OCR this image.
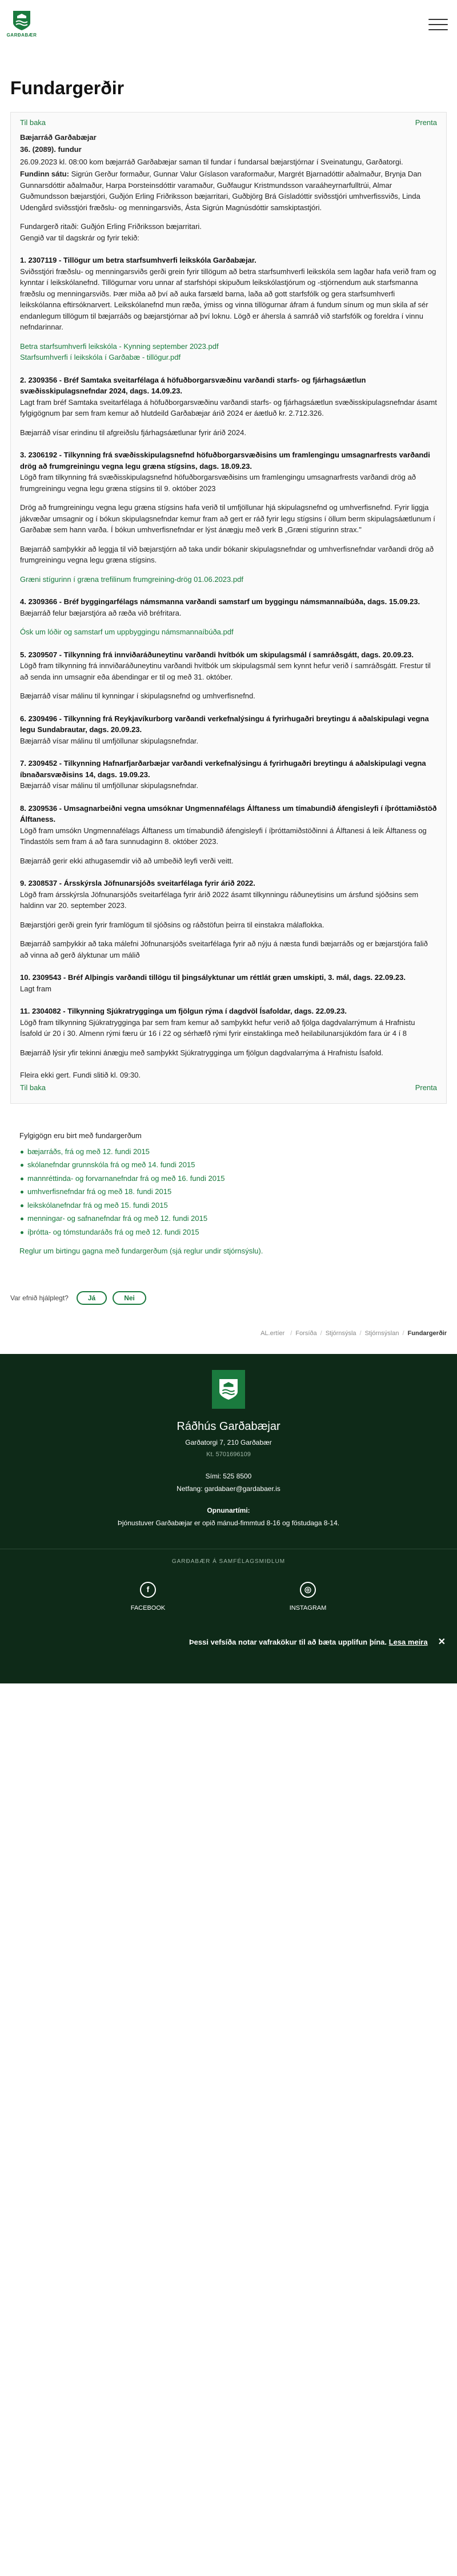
GARÐABÆR
Fundargerðir
Til baka	Prenta
Bæjarráð Garðabæjar
36. (2089). fundur
26.09.2023 kl. 08:00 kom bæjarráð Garðabæjar saman til fundar í fundarsal bæjarstjórnar í Sveinatungu, Garðatorgi.
Fundinn sátu: Sigrún Gerður formaður, Gunnar Valur Gíslason varaformaður, Margrét Bjarnadóttir aðalmaður, Brynja Dan Gunnarsdóttir aðalmaður, Harpa Þorsteinsdóttir varamaður, Guðfaugur Kristmundsson varaáheyrnarfulltrúi, Almar Guðmundsson bæjarstjóri, Guðjón Erling Friðriksson bæjarritari, Guðbjörg Brá Gísladóttir sviðsstjóri umhverfissviðs, Linda Udengård sviðsstjóri fræðslu- og menningarsviðs, Ásta Sigrún Magnúsdóttir samskiptastjóri.
Fundargerð ritaði: Guðjón Erling Friðriksson bæjarritari.
Gengið var til dagskrár og fyrir tekið:
1. 2307119 - Tillögur um betra starfsumhverfi leikskóla Garðabæjar.

Sviðsstjóri fræðslu- og menningarsviðs gerði grein fyrir tillögum að betra starfsumhverfi leikskóla sem lagðar hafa verið fram og kynntar í leikskólanefnd. Tillögurnar voru unnar af starfshópi skipuðum leikskólastjórum og -stjórnendum auk starfsmanna fræðslu og menningarsviðs. Þær miða að því að auka farsæld barna, laða að gott starfsfólk og gera starfsumhverfi leikskólanna eftirsóknarvert. Leikskólanefnd mun ræða, ýmiss og vinna tillögurnar áfram á fundum sínum og mun skila af sér endanlegum tillögum til bæjarráðs og bæjarstjórnar að því loknu. Lögð er áhersla á samráð við starfsfólk og foreldra í vinnu nefndarinnar.

Betra starfsumhverfi leikskóla - Kynning september 2023.pdf
Starfsumhverfi í leikskóla í Garðabæ - tillögur.pdf
2. 2309356 - Bréf Samtaka sveitarfélaga á höfuðborgarsvæðinu varðandi starfs- og fjárhagsáætlun svæðisskipulagsnefndar 2024, dags. 14.09.23.

Lagt fram bréf Samtaka sveitarfélaga á höfuðborgarsvæðinu varðandi starfs- og fjárhagsáætlun svæðisskipulagsnefndar ásamt fylgigögnum þar sem fram kemur að hlutdeild Garðabæjar árið 2024 er áætluð kr. 2.712.326.

Bæjarráð vísar erindinu til afgreiðslu fjárhagsáætlunar fyrir árið 2024.

3. 2306192 - Tilkynning frá svæðisskipulagsnefnd höfuðborgarsvæðisins um framlengingu umsagnarfrests varðandi drög að frumgreiningu vegna legu græna stígsins, dags. 18.09.23.

Lögð fram tilkynning frá svæðisskipulagsnefnd höfuðborgarsvæðisins um framlengingu umsagnarfrests varðandi drög að frumgreiningu vegna legu græna stígsins til 9. október 2023

Drög að frumgreiningu vegna legu græna stígsins hafa verið til umfjöllunar hjá skipulagsnefnd og umhverfisnefnd. Fyrir liggja jákvæðar umsagnir og í bókun skipulagsnefndar kemur fram að gert er ráð fyrir legu stígsins í öllum berm skipulagsáætlunum í Garðabæ sem hann varða. Í bókun umhverfisnefndar er lýst ánægju með verk B „Græni stígurinn strax."

Bæjarráð samþykkir að leggja til við bæjarstjórn að taka undir bókanir skipulagsnefndar og umhverfisnefndar varðandi drög að frumgreiningu vegna legu græna stígsins.

Græni stígurinn í græna trefilinum frumgreining-drög 01.06.2023.pdf
4. 2309366 - Bréf byggingarfélags námsmanna varðandi samstarf um byggingu námsmannaíbúða, dags. 15.09.23.

Bæjarráð felur bæjarstjóra að ræða við bréfritara.

Ósk um lóðir og samstarf um uppbyggingu námsmannaíbúða.pdf
5. 2309507 - Tilkynning frá innviðaráðuneytinu varðandi hvítbók um skipulagsmál í samráðsgátt, dags. 20.09.23.

Lögð fram tilkynning frá innviðaráðuneytinu varðandi hvítbók um skipulagsmál sem kynnt hefur verið í samráðsgátt. Frestur til að senda inn umsagnir eða ábendingar er til og með 31. október.

Bæjarráð vísar málinu til kynningar í skipulagsnefnd og umhverfisnefnd.

6. 2309496 - Tilkynning frá Reykjavíkurborg varðandi verkefnalýsingu á fyrirhugaðri breytingu á aðalskipulagi vegna legu Sundabrautar, dags. 20.09.23.

Bæjarráð vísar málinu til umfjöllunar skipulagsnefndar.

7. 2309452 - Tilkynning Hafnarfjarðarbæjar varðandi verkefnalýsingu á fyrirhugaðri breytingu á aðalskipulagi vegna íbnaðarsvæðisins 14, dags. 19.09.23.

Bæjarráð vísar málinu til umfjöllunar skipulagsnefndar.

8. 2309536 - Umsagnarbeiðni vegna umsóknar Ungmennafélags Álftaness um tímabundið áfengisleyfi í íþróttamiðstöð Álftaness.

Lögð fram umsókn Ungmennafélags Álftaness um tímabundið áfengisleyfi í íþróttamiðstöðinni á Álftanesi á leik Álftaness og Tindastóls sem fram á að fara sunnudaginn 8. október 2023.

Bæjarráð gerir ekki athugasemdir við að umbeðið leyfi verði veitt.

9. 2308537 - Ársskýrsla Jöfnunarsjóðs sveitarfélaga fyrir árið 2022.

Lögð fram ársskýrsla Jöfnunarsjóðs sveitarfélaga fyrir árið 2022 ásamt tilkynningu ráðuneytisins um ársfund sjóðsins sem haldinn var 20. september 2023.

Bæjarstjóri gerði grein fyrir framlögum til sjóðsins og ráðstöfun þeirra til einstakra málaflokka.

Bæjarráð samþykkir að taka málefni Jöfnunarsjóðs sveitarfélaga fyrir að nýju á næsta fundi bæjarráðs og er bæjarstjóra falið að vinna að gerð ályktunar um málið

10. 2309543 - Bréf Alþingis varðandi tillögu til þingsályktunar um réttlát græn umskipti, 3. mál, dags. 22.09.23.

Lagt fram

11. 2304082 - Tilkynning Sjúkratrygginga um fjölgun rýma í dagdvöl Ísafoldar, dags. 22.09.23.

Lögð fram tilkynning Sjúkratrygginga þar sem fram kemur að samþykkt hefur verið að fjölga dagdvalarrýmum á Hrafnistu Ísafold úr 20 í 30. Almenn rými færu úr 16 í 22 og sérhæfð rými fyrir einstaklinga með heilabilunarsjúkdóm fara úr 4 í 8

Bæjarráð lýsir yfir tekinni ánægju með samþykkt Sjúkratrygginga um fjölgun dagdvalarrýma á Hrafnistu Ísafold.

Fleira ekki gert. Fundi slitið kl. 09:30.
Til baka	Prenta
Fylgigögn eru birt með fundargerðum
bæjarráðs, frá og með 12. fundi 2015
skólanefndar grunnskóla frá og með 14. fundi 2015
mannréttinda- og forvarnanefndar frá og með 16. fundi 2015
umhverfisnefndar frá og með 18. fundi 2015
leikskólanefndar frá og með 15. fundi 2015
menningar- og safnanefndar frá og með 12. fundi 2015
íþrótta- og tómstundaráðs frá og með 12. fundi 2015
Reglur um birtingu gagna með fundargerðum (sjá reglur undir stjórnsýslu).
Var efnið hjálplegt?	Já	Nei
AL.ertíer / Forsíða / Stjórnsýsla / Stjórnsýslan / Fundargerðir
Ráðhús Garðabæjar
Garðatorgi 7, 210 Garðabær
Kt. 5701696109
Sími: 525 8500
Netfang: gardabaer@gardabaer.is
Opnunartími:
Þjónustuver Garðabæjar er opið mánud-fimmtud 8-16 og föstudaga 8-14.
GARÐABÆR Á SAMFÉLAGSMIÐLUM
f
FACEBOOK
◎
INSTAGRAM
Þessi vefsíða notar vafrakökur til að bæta upplifun þína. Lesa meira ✕
